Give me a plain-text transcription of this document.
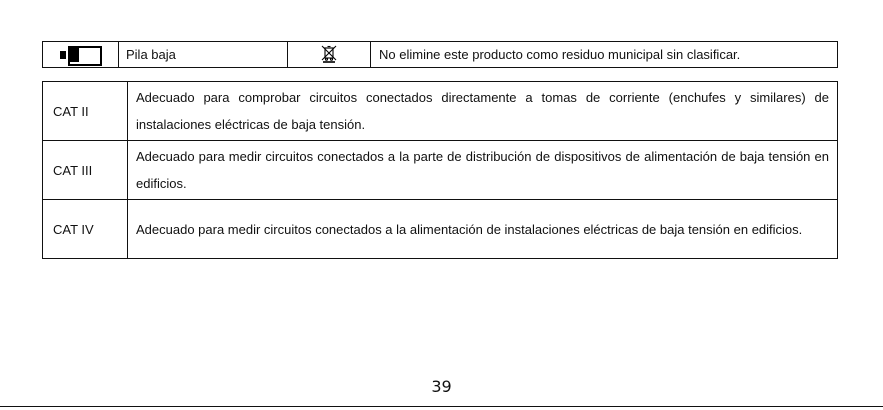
	Pila baja		No elimine este producto como residuo municipal sin clasificar.
CAT II	Adecuado para comprobar circuitos conectados directamente a tomas de corriente (enchufes y similares) de instalaciones eléctricas de baja tensión.
CAT III	Adecuado para medir circuitos conectados a la parte de distribución de dispositivos de alimentación de baja tensión en edificios.
CAT IV	Adecuado para medir circuitos conectados a la alimentación de instalaciones eléctricas de baja tensión en edificios.
39
